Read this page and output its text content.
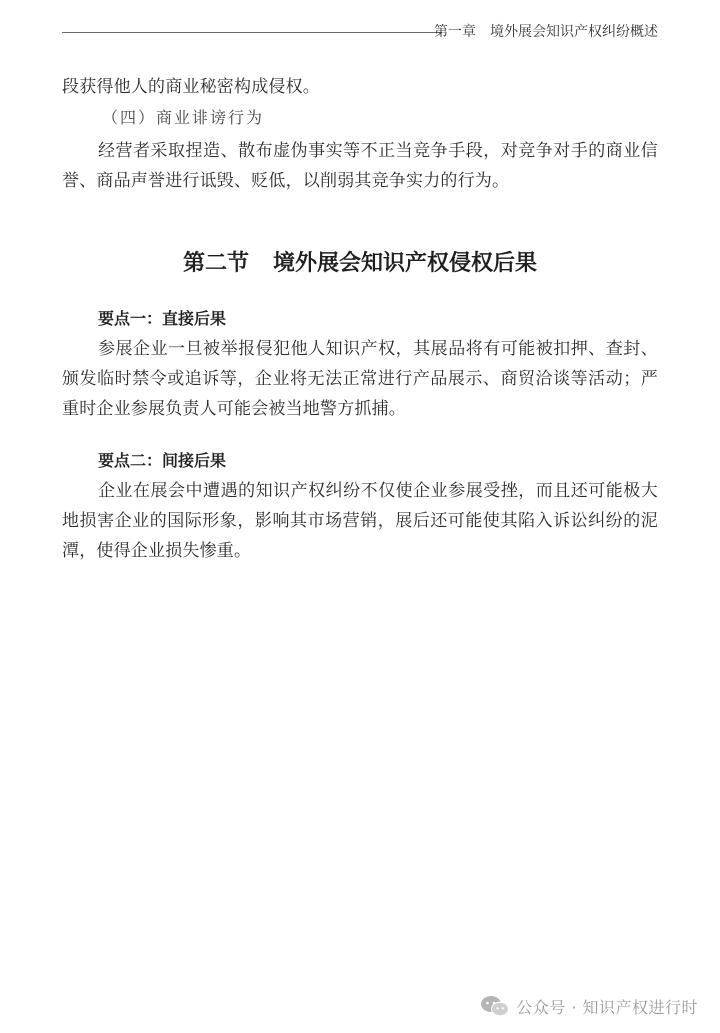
第一章 境外展会知识产权纠纷概述

段获得他人的商业秘密构成侵权。

（四）商业诽谤行为

经营者采取捏造、散布虚伪事实等不正当竞争手段，对竞争对手的商业信誉、商品声誉进行诋毁、贬低，以削弱其竞争实力的行为。

第二节 境外展会知识产权侵权后果
要点一：直接后果

参展企业一旦被举报侵犯他人知识产权，其展品将有可能被扣押、查封、颁发临时禁令或追诉等，企业将无法正常进行产品展示、商贸洽谈等活动；严重时企业参展负责人可能会被当地警方抓捕。

要点二：间接后果

企业在展会中遭遇的知识产权纠纷不仅使企业参展受挫，而且还可能极大地损害企业的国际形象，影响其市场营销，展后还可能使其陷入诉讼纠纷的泥潭，使得企业损失惨重。

公众号 · 知识产权进行时
